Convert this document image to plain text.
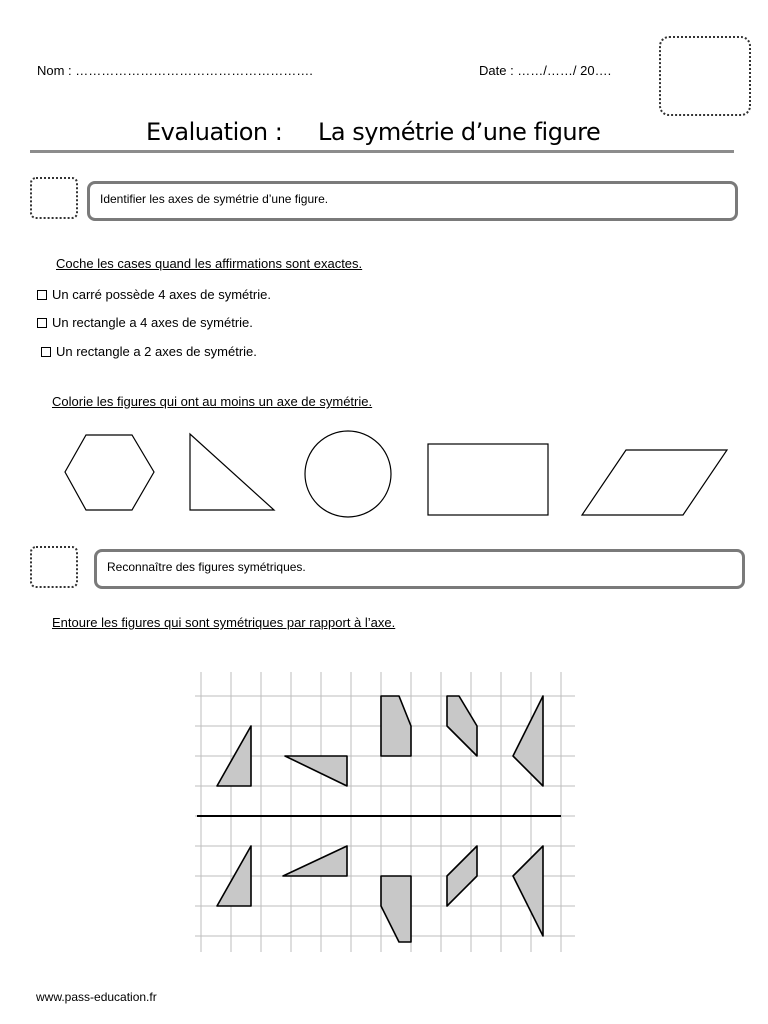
Nom : ……………………………………………….	Date : ……/……/ 20….
Evaluation : La symétrie d’une figure
Identifier les axes de symétrie d’une figure.
Coche les cases quand les affirmations sont exactes.
Un carré possède 4 axes de symétrie.
Un rectangle a 4 axes de symétrie.
Un rectangle a 2 axes de symétrie.
Colorie les figures qui ont au moins un axe de symétrie.
Reconnaître des figures symétriques.
Entoure les figures qui sont symétriques par rapport à l’axe.
www.pass-education.fr
